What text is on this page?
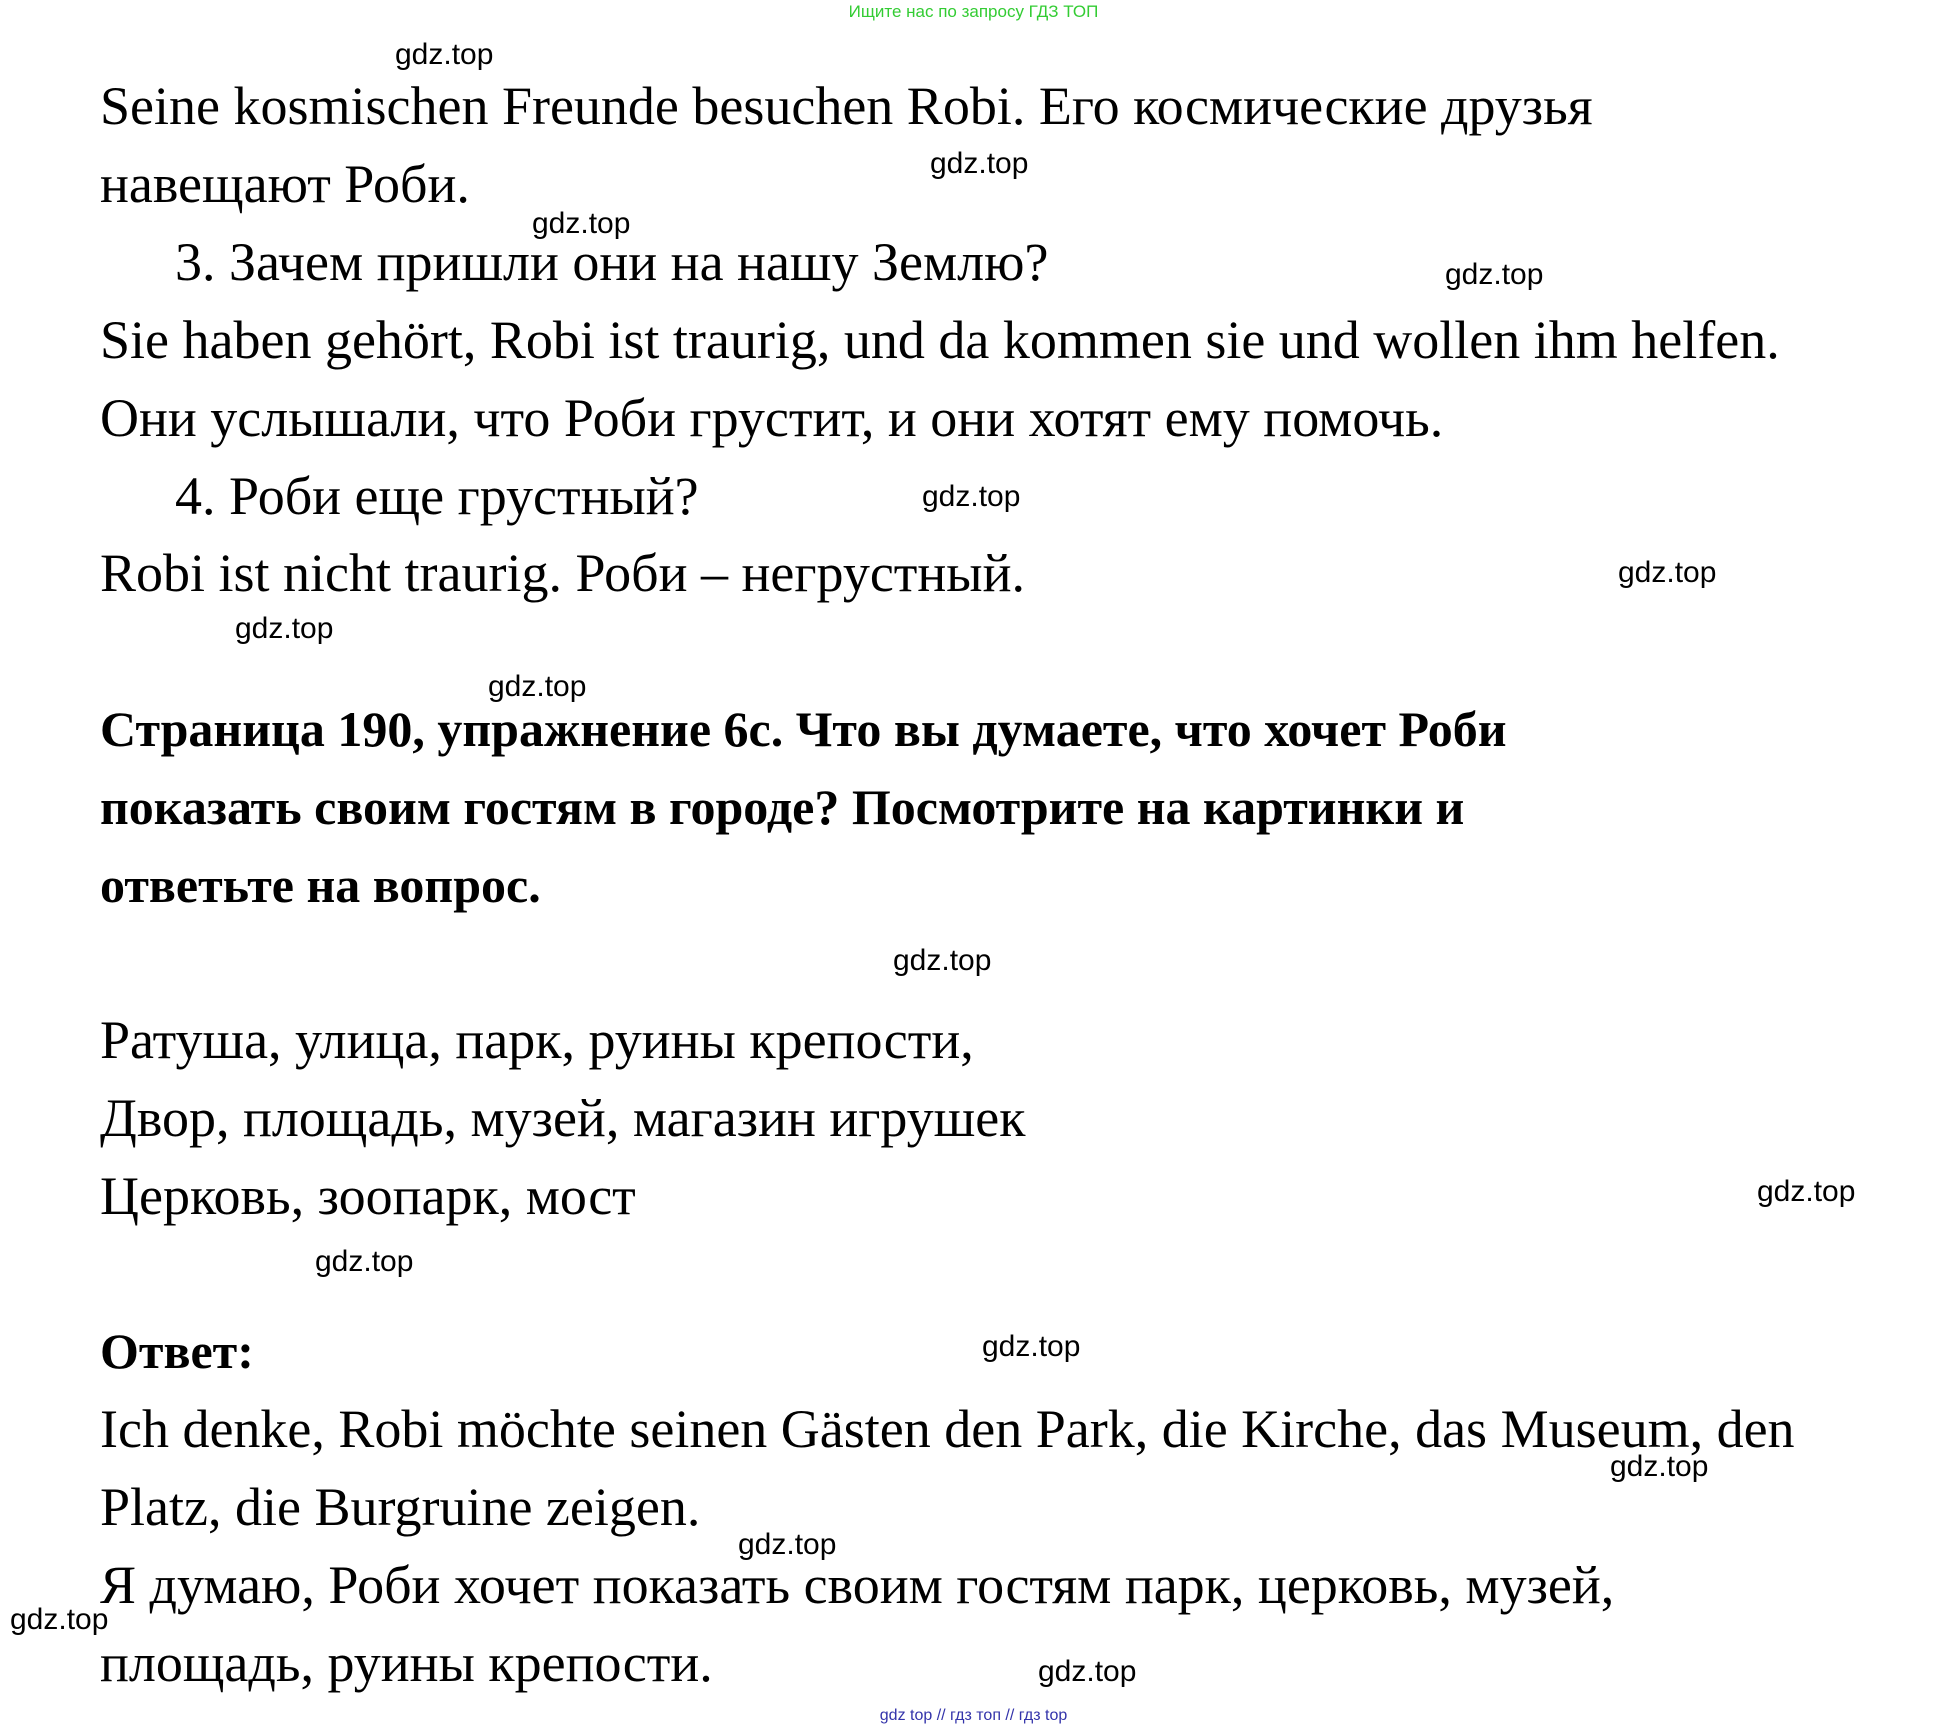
Ищите нас по запросу ГДЗ ТОП
Seine kosmischen Freunde besuchen Robi. Его космические друзья
навещают Роби.
3. Зачем пришли они на нашу Землю?
Sie haben gehört, Robi ist traurig, und da kommen sie und wollen ihm helfen.
Они услышали, что Роби грустит, и они хотят ему помочь.
4. Роби еще грустный?
Robi ist nicht traurig. Роби – негрустный.
Страница 190, упражнение 6c. Что вы думаете, что хочет Роби
показать своим гостям в городе? Посмотрите на картинки и
ответьте на вопрос.
Ратуша, улица, парк, руины крепости,
Двор, площадь, музей, магазин игрушек
Церковь, зоопарк, мост
Ответ:
Ich denke, Robi möchte seinen Gästen den Park, die Kirche, das Museum, den
Platz, die Burgruine zeigen.
Я думаю, Роби хочет показать своим гостям парк, церковь, музей,
площадь, руины крепости.
gdz.top
gdz.top
gdz.top
gdz.top
gdz.top
gdz.top
gdz.top
gdz.top
gdz.top
gdz.top
gdz.top
gdz.top
gdz.top
gdz.top
gdz.top
gdz.top
gdz top // гдз топ // гдз top
